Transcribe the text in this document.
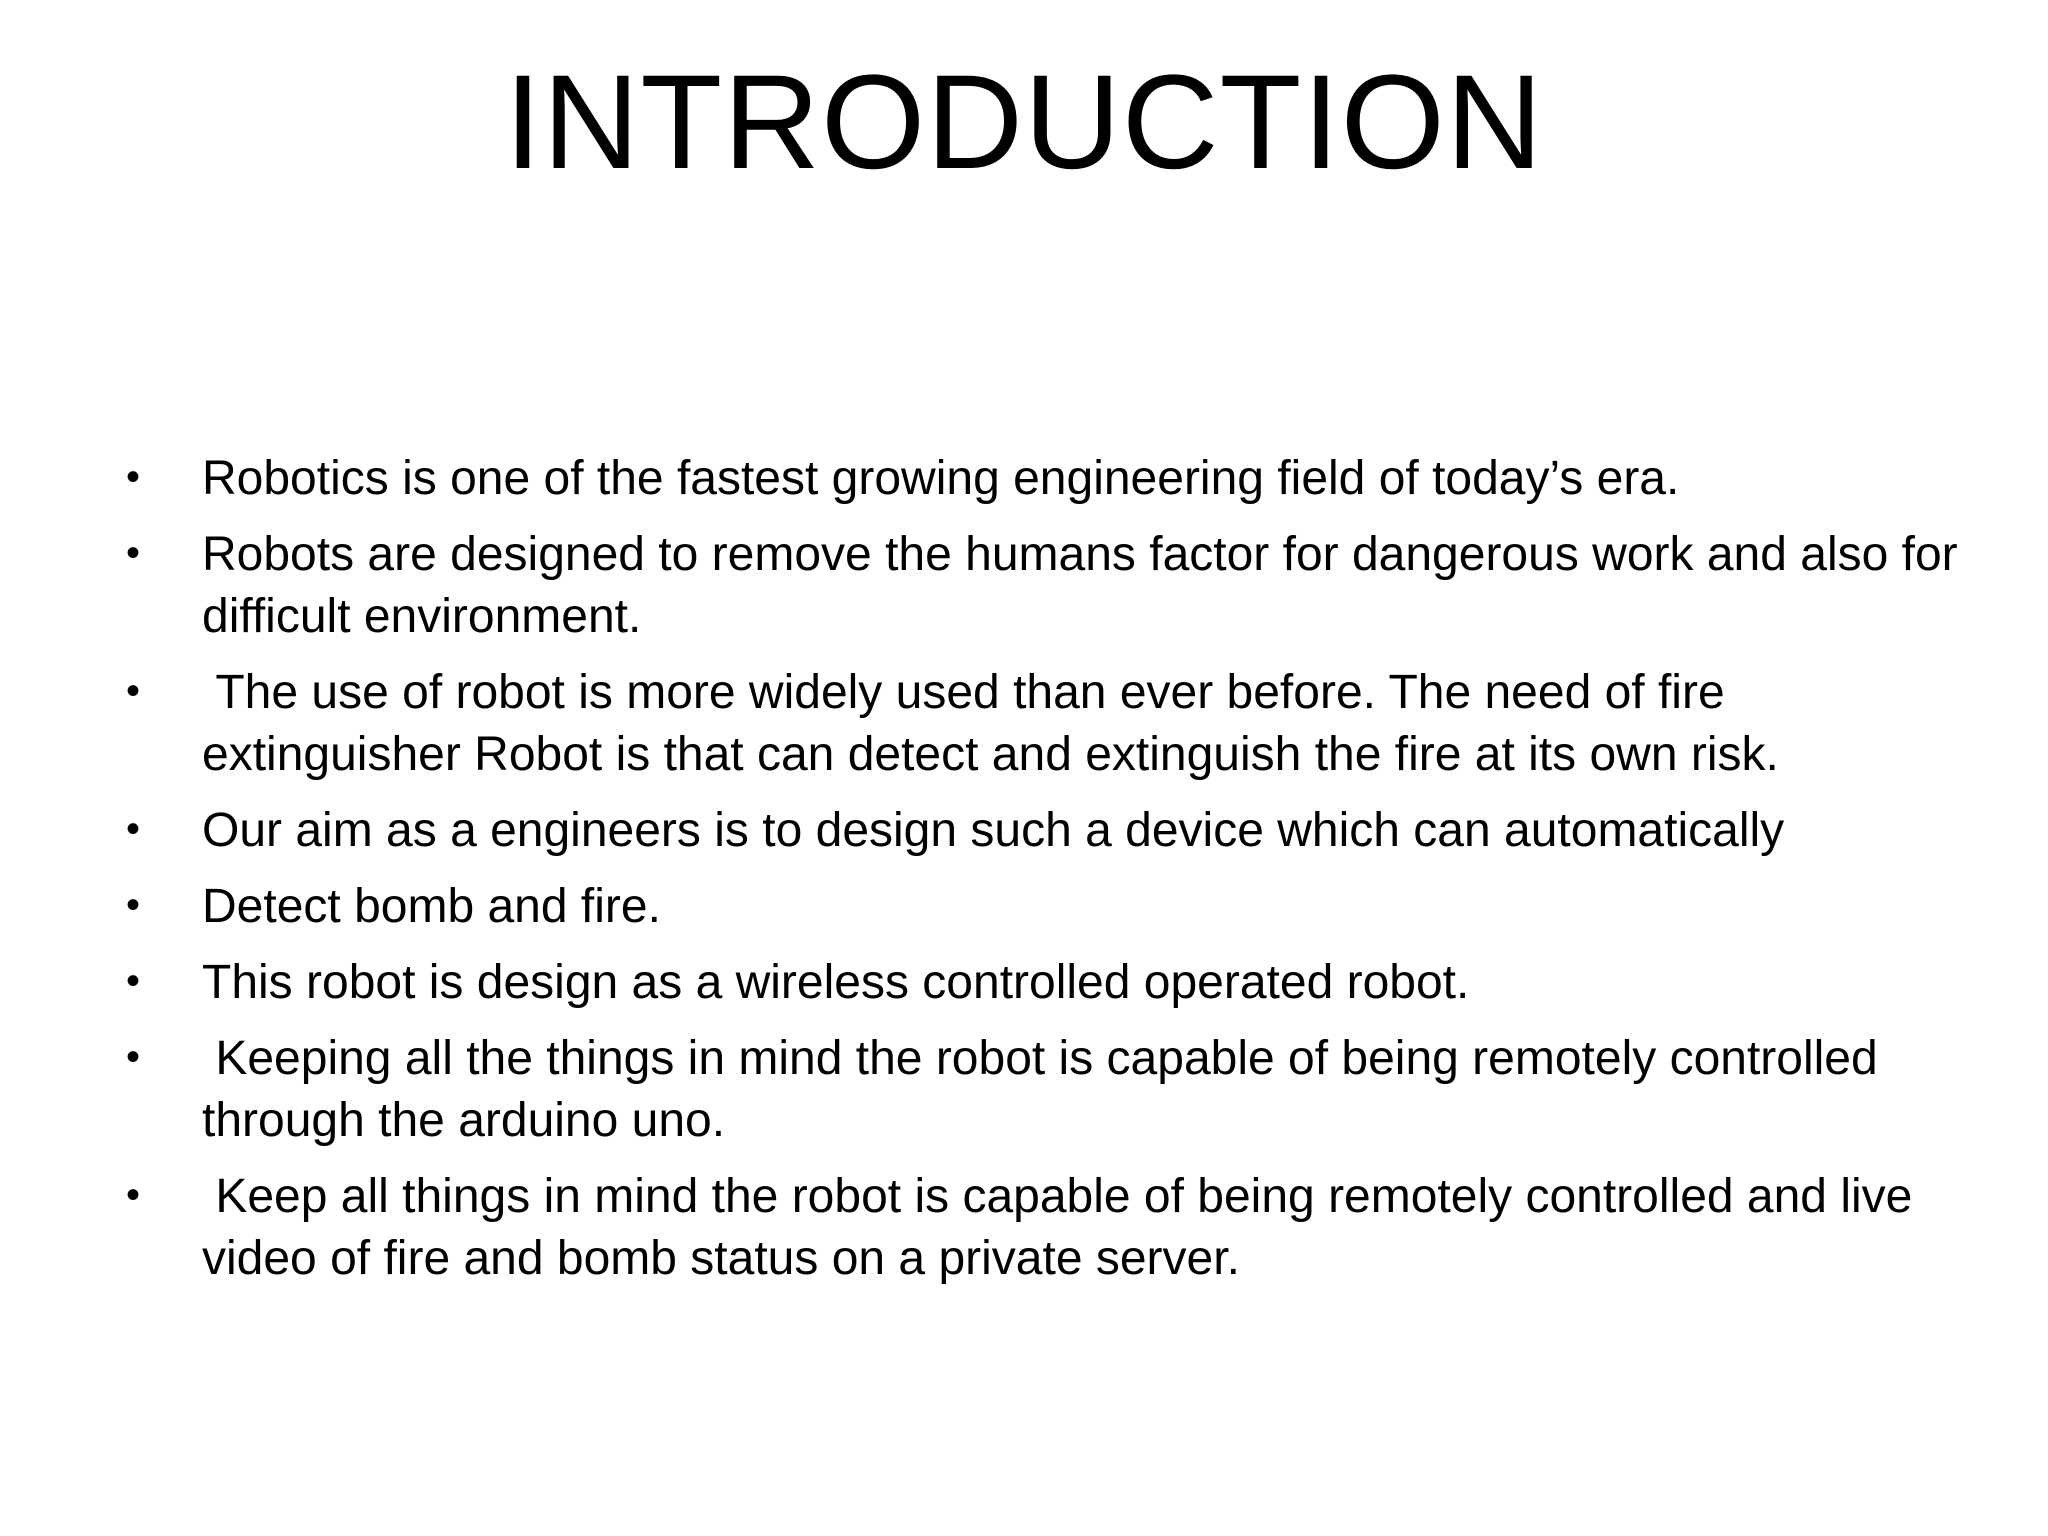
INTRODUCTION
• Robotics is one of the fastest growing engineering field of today’s era.
• Robots are designed to remove the humans factor for dangerous work and also for difficult environment.
• The use of robot is more widely used than ever before. The need of fire extinguisher Robot is that can detect and extinguish the fire at its own risk.
• Our aim as a engineers is to design such a device which can automatically
• Detect bomb and fire.
• This robot is design as a wireless controlled operated robot.
• Keeping all the things in mind the robot is capable of being remotely controlled through the arduino uno.
• Keep all things in mind the robot is capable of being remotely controlled and live video of fire and bomb status on a private server.
